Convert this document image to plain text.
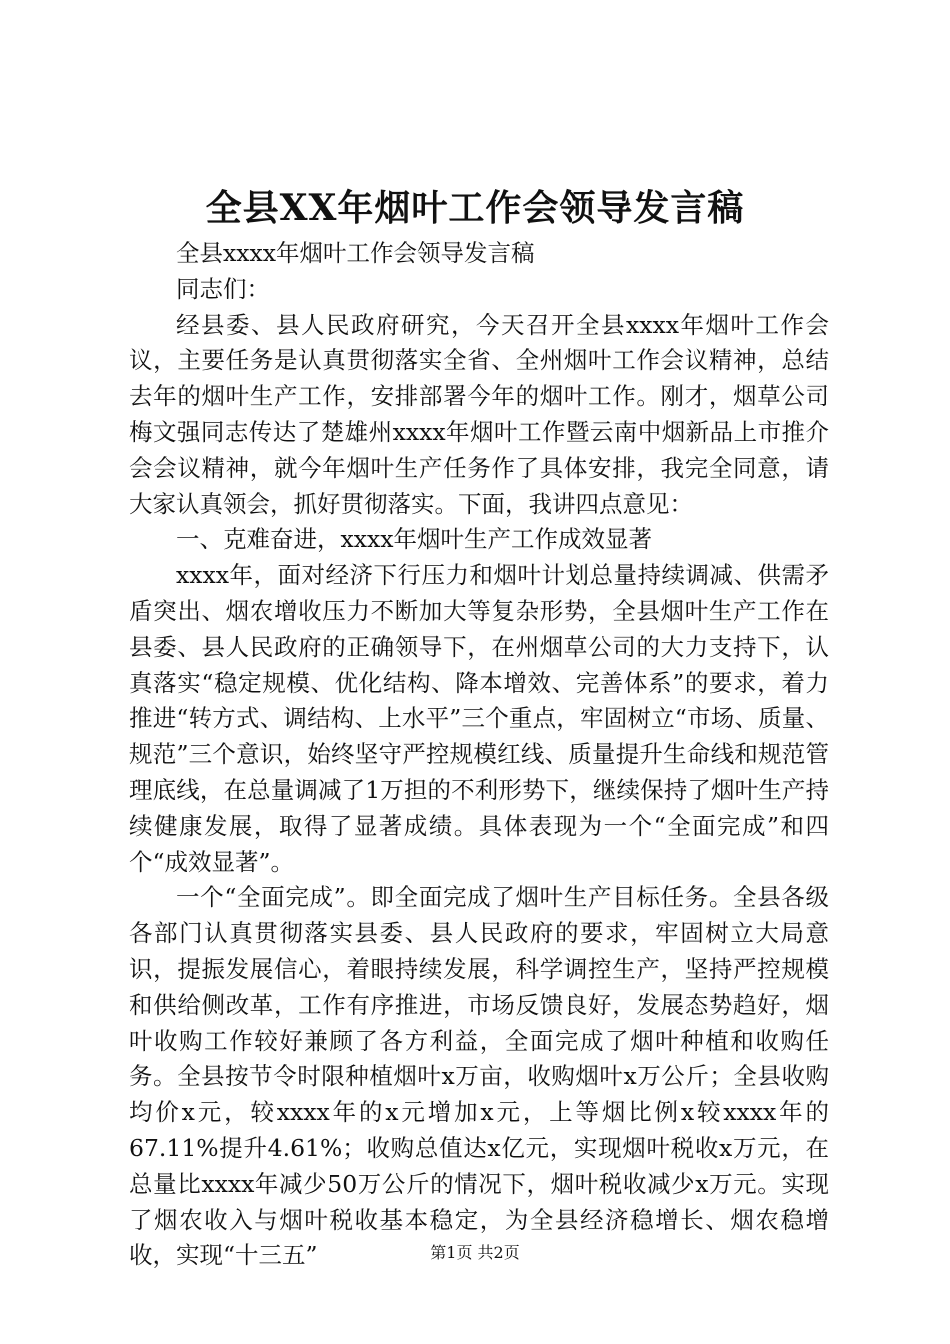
全县XX年烟叶工作会领导发言稿

全县xxxx年烟叶工作会领导发言稿

同志们：

经县委、县人民政府研究，今天召开全县xxxx年烟叶工作会议，主要任务是认真贯彻落实全省、全州烟叶工作会议精神，总结去年的烟叶生产工作，安排部署今年的烟叶工作。刚才，烟草公司梅文强同志传达了楚雄州xxxx年烟叶工作暨云南中烟新品上市推介会会议精神，就今年烟叶生产任务作了具体安排，我完全同意，请大家认真领会，抓好贯彻落实。下面，我讲四点意见：

一、克难奋进，xxxx年烟叶生产工作成效显著

xxxx年，面对经济下行压力和烟叶计划总量持续调减、供需矛盾突出、烟农增收压力不断加大等复杂形势，全县烟叶生产工作在县委、县人民政府的正确领导下，在州烟草公司的大力支持下，认真落实“稳定规模、优化结构、降本增效、完善体系”的要求，着力推进“转方式、调结构、上水平”三个重点，牢固树立“市场、质量、规范”三个意识，始终坚守严控规模红线、质量提升生命线和规范管理底线，在总量调减了1万担的不利形势下，继续保持了烟叶生产持续健康发展，取得了显著成绩。具体表现为一个“全面完成”和四个“成效显著”。

一个“全面完成”。即全面完成了烟叶生产目标任务。全县各级各部门认真贯彻落实县委、县人民政府的要求，牢固树立大局意识，提振发展信心，着眼持续发展，科学调控生产，坚持严控规模和供给侧改革，工作有序推进，市场反馈良好，发展态势趋好，烟叶收购工作较好兼顾了各方利益，全面完成了烟叶种植和收购任务。全县按节令时限种植烟叶x万亩，收购烟叶x万公斤；全县收购均价x元，较xxxx年的x元增加x元，上等烟比例x较xxxx年的67.11%提升4.61%；收购总值达x亿元，实现烟叶税收x万元，在总量比xxxx年减少50万公斤的情况下，烟叶税收减少x万元。实现了烟农收入与烟叶税收基本稳定，为全县经济稳增长、烟农稳增收，实现“十三五”	第1页 共2页
